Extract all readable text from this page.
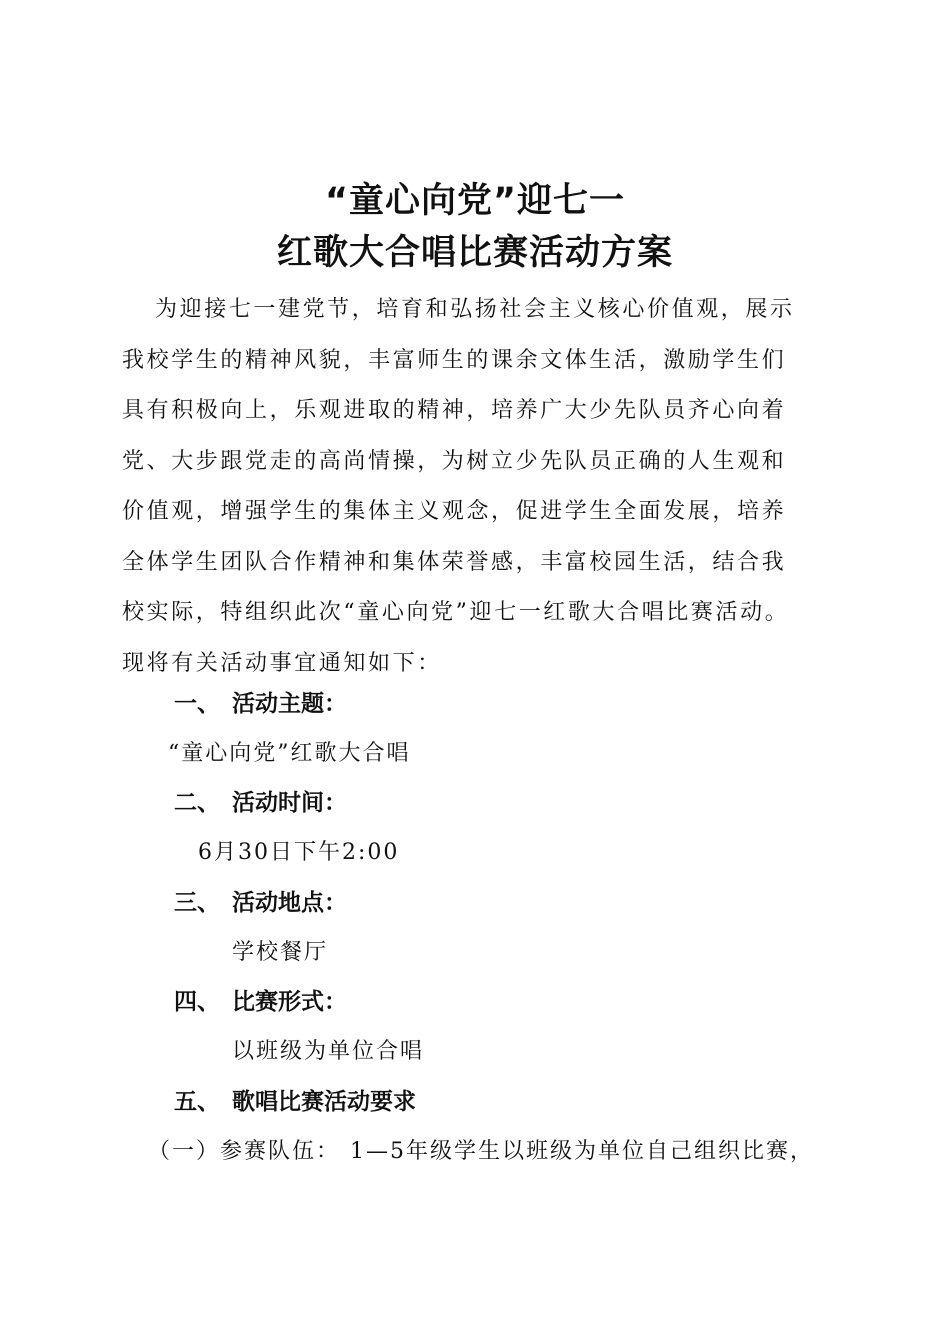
“童心向党”迎七一
红歌大合唱比赛活动方案
为迎接七一建党节，培育和弘扬社会主义核心价值观，展示
我校学生的精神风貌，丰富师生的课余文体生活，激励学生们
具有积极向上，乐观进取的精神，培养广大少先队员齐心向着
党、大步跟党走的高尚情操，为树立少先队员正确的人生观和
价值观，增强学生的集体主义观念，促进学生全面发展，培养
全体学生团队合作精神和集体荣誉感，丰富校园生活，结合我
校实际，特组织此次“童心向党”迎七一红歌大合唱比赛活动。
现将有关活动事宜通知如下：
一、 活动主题：
“童心向党”红歌大合唱
二、 活动时间：
6月30日下午2:00
三、 活动地点：
学校餐厅
四、 比赛形式：
以班级为单位合唱
五、 歌唱比赛活动要求
（一）参赛队伍： 1—5年级学生以班级为单位自己组织比赛，
